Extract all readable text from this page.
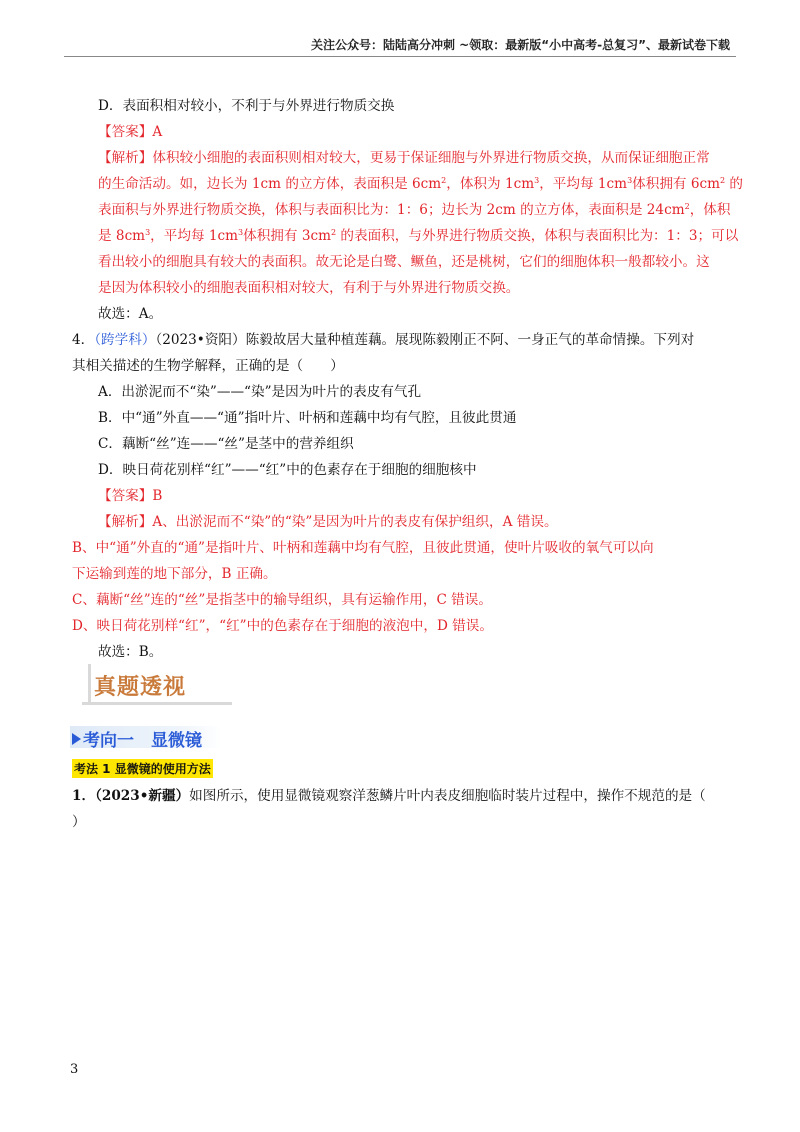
关注公众号：陆陆高分冲刺 ~领取：最新版“小中高考-总复习”、最新试卷下载
D．表面积相对较小，不利于与外界进行物质交换
【答案】A
【解析】体积较小细胞的表面积则相对较大，更易于保证细胞与外界进行物质交换，从而保证细胞正常
的生命活动。如，边长为 1cm 的立方体，表面积是 $6cm^2$，体积为 $1cm^3$，平均每 $1cm^3$体积拥有 $6cm^2$ 的
表面积与外界进行物质交换，体积与表面积比为：1：6；边长为 2cm 的立方体，表面积是 $24cm^2$，体积
是 $8cm^3$，平均每 $1cm^3$体积拥有 $3cm^2$ 的表面积，与外界进行物质交换，体积与表面积比为：1：3；可以
看出较小的细胞具有较大的表面积。故无论是白鹭、鳜鱼，还是桃树，它们的细胞体积一般都较小。这
是因为体积较小的细胞表面积相对较大，有利于与外界进行物质交换。
故选：A。
4．（跨学科）（2023•资阳）陈毅故居大量种植莲藕。展现陈毅刚正不阿、一身正气的革命情操。下列对
其相关描述的生物学解释，正确的是（　　）
A．出淤泥而不“染”——“染”是因为叶片的表皮有气孔
B．中“通”外直——“通”指叶片、叶柄和莲藕中均有气腔，且彼此贯通
C．藕断“丝”连——“丝”是茎中的营养组织
D．映日荷花别样“红”——“红”中的色素存在于细胞的细胞核中
【答案】B
【解析】A、出淤泥而不“染”的“染”是因为叶片的表皮有保护组织，A 错误。
B、中“通”外直的“通”是指叶片、叶柄和莲藕中均有气腔，且彼此贯通，使叶片吸收的氧气可以向
下运输到莲的地下部分，B 正确。
C、藕断“丝”连的“丝”是指茎中的输导组织，具有运输作用，C 错误。
D、映日荷花别样“红”，“红”中的色素存在于细胞的液泡中，D 错误。
故选：B。
真题透视
考向一　显微镜
考法 1 显微镜的使用方法
1．（2023•新疆）如图所示，使用显微镜观察洋葱鳞片叶内表皮细胞临时装片过程中，操作不规范的是（
）
3
